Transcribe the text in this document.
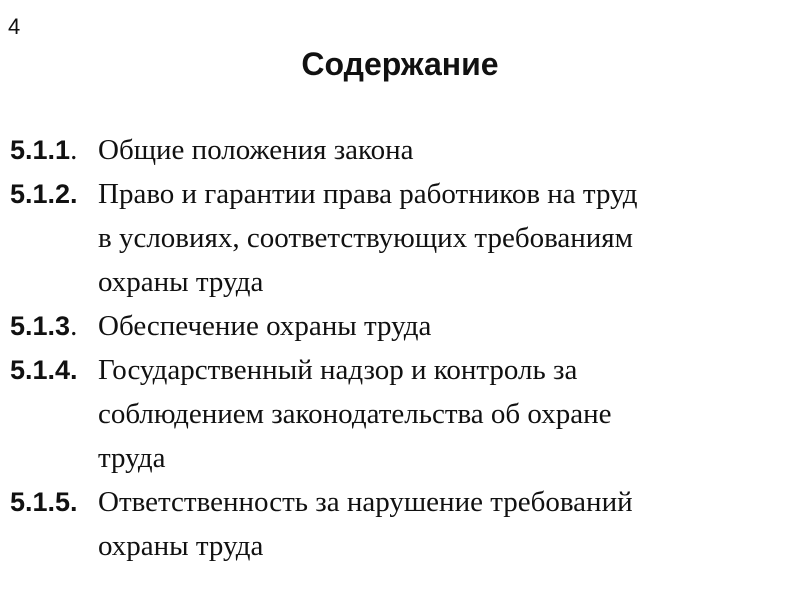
4
Содержание
5.1.1. Общие положения закона
5.1.2. Право и гарантии права работников на труд
в условиях, соответствующих требованиям
охраны труда
5.1.3. Обеспечение охраны труда
5.1.4. Государственный надзор и контроль за
соблюдением законодательства об охране
труда
5.1.5. Ответственность за нарушение требований
охраны труда
